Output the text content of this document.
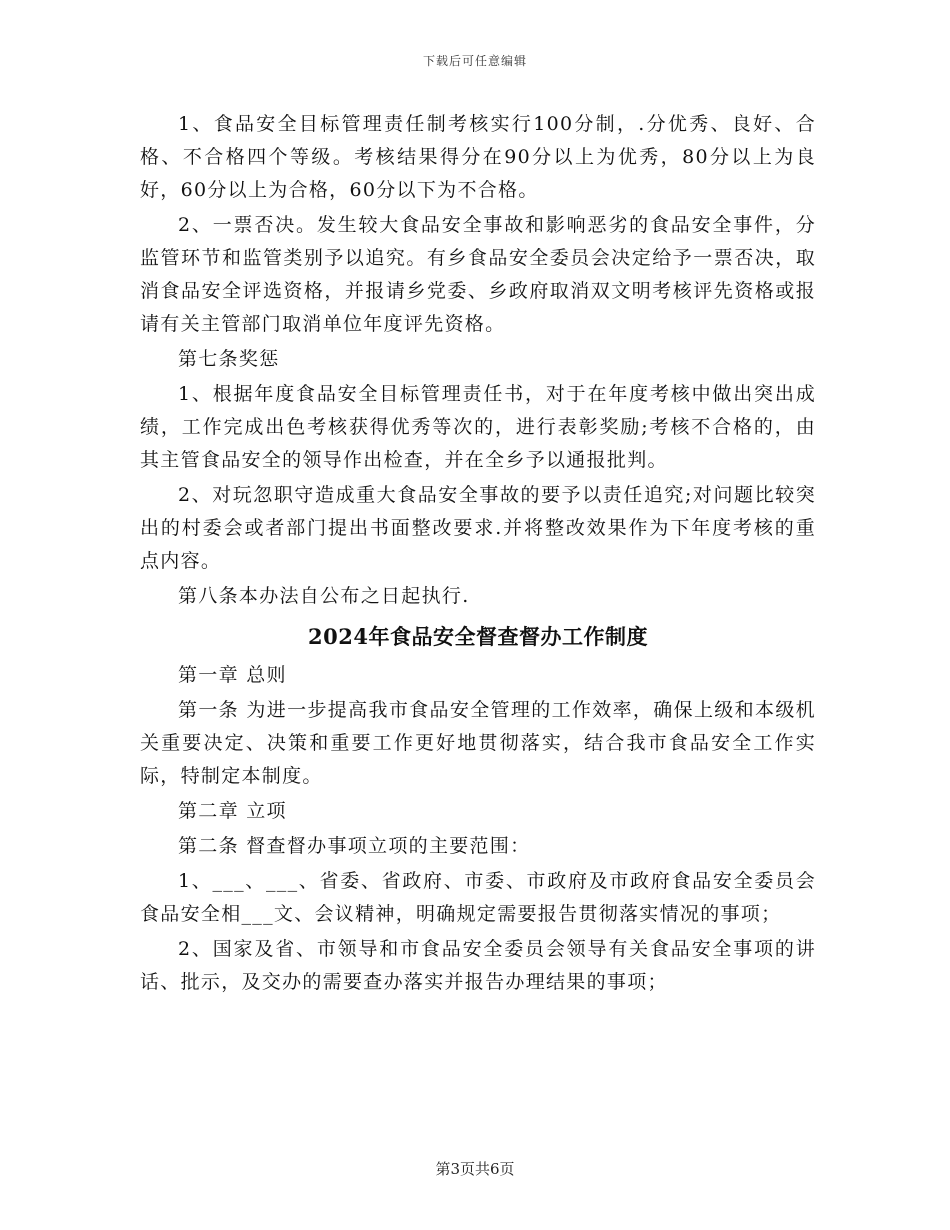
下载后可任意编辑

1、食品安全目标管理责任制考核实行100分制，.分优秀、良好、合格、不合格四个等级。考核结果得分在90分以上为优秀，80分以上为良好，60分以上为合格，60分以下为不合格。

2、一票否决。发生较大食品安全事故和影响恶劣的食品安全事件，分监管环节和监管类别予以追究。有乡食品安全委员会决定给予一票否决，取消食品安全评选资格，并报请乡党委、乡政府取消双文明考核评先资格或报请有关主管部门取消单位年度评先资格。

第七条奖惩

1、根据年度食品安全目标管理责任书，对于在年度考核中做出突出成绩，工作完成出色考核获得优秀等次的，进行表彰奖励;考核不合格的，由其主管食品安全的领导作出检查，并在全乡予以通报批判。

2、对玩忽职守造成重大食品安全事故的要予以责任追究;对问题比较突出的村委会或者部门提出书面整改要求.并将整改效果作为下年度考核的重点内容。

第八条本办法自公布之日起执行.

2024年食品安全督查督办工作制度

第一章 总则

第一条 为进一步提高我市食品安全管理的工作效率，确保上级和本级机关重要决定、决策和重要工作更好地贯彻落实，结合我市食品安全工作实际，特制定本制度。

第二章 立项

第二条 督查督办事项立项的主要范围：

1、___、___、省委、省政府、市委、市政府及市政府食品安全委员会食品安全相___文、会议精神，明确规定需要报告贯彻落实情况的事项；

2、国家及省、市领导和市食品安全委员会领导有关食品安全事项的讲话、批示，及交办的需要查办落实并报告办理结果的事项；

第3页共6页
